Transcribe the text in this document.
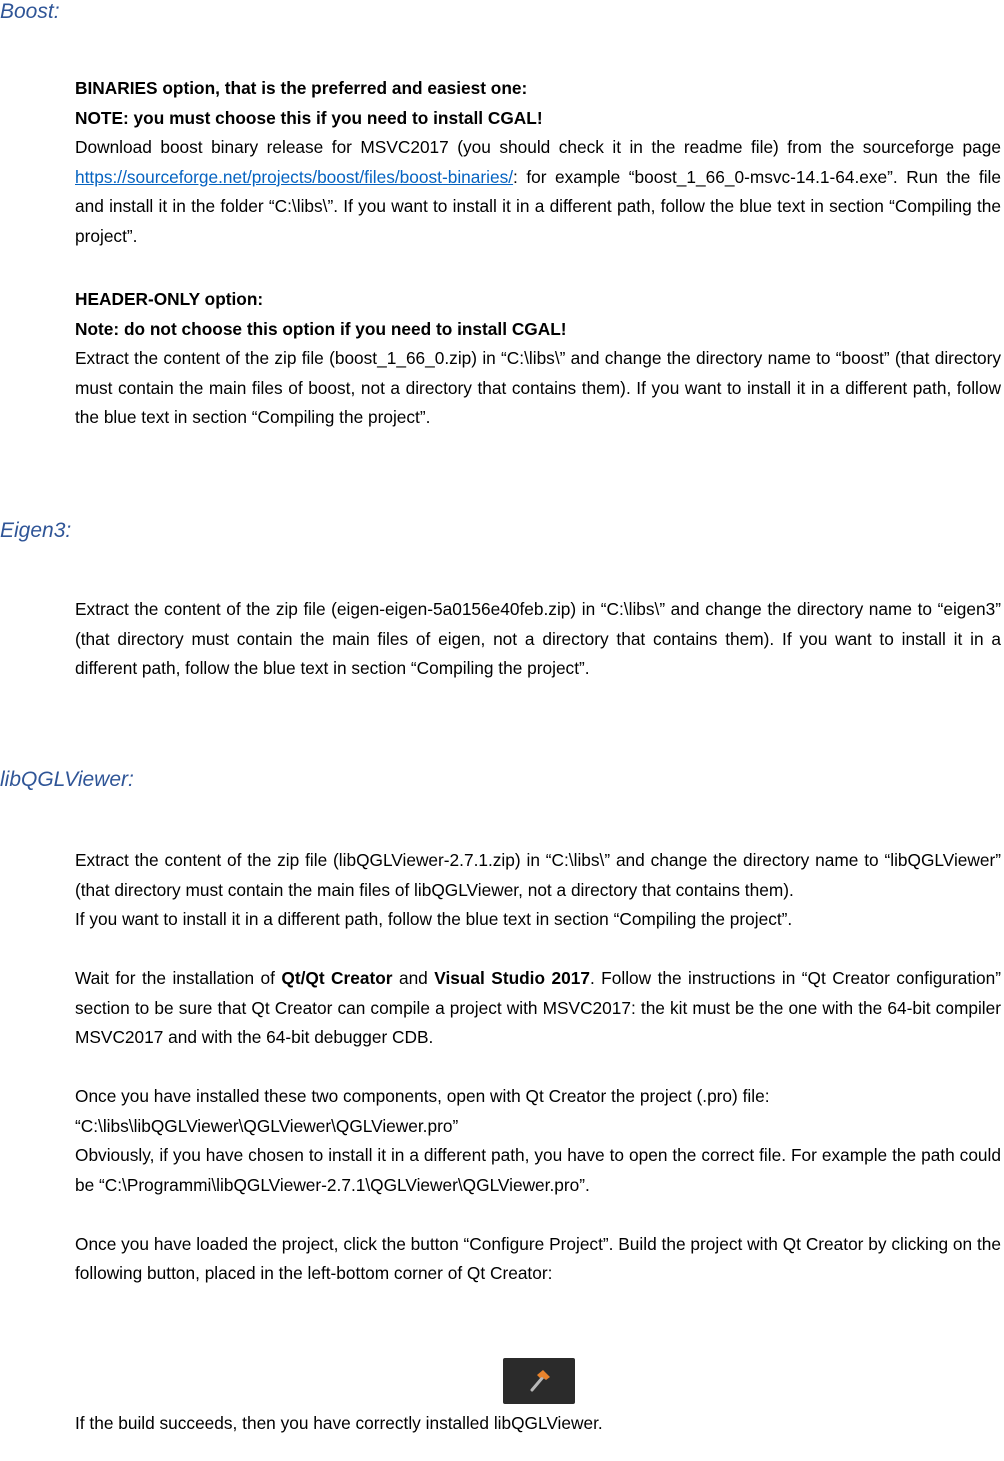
Boost:

BINARIES option, that is the preferred and easiest one:

NOTE: you must choose this if you need to install CGAL!

Download boost binary release for MSVC2017 (you should check it in the readme file) from the sourceforge page https://sourceforge.net/projects/boost/files/boost-binaries/: for example “boost_1_66_0-msvc-14.1-64.exe”. Run the file and install it in the folder “C:\libs\”. If you want to install it in a different path, follow the blue text in section “Compiling the project”.

HEADER-ONLY option:

Note: do not choose this option if you need to install CGAL!

Extract the content of the zip file (boost_1_66_0.zip) in “C:\libs\” and change the directory name to “boost” (that directory must contain the main files of boost, not a directory that contains them). If you want to install it in a different path, follow the blue text in section “Compiling the project”.

Eigen3:

Extract the content of the zip file (eigen-eigen-5a0156e40feb.zip) in “C:\libs\” and change the directory name to “eigen3” (that directory must contain the main files of eigen, not a directory that contains them). If you want to install it in a different path, follow the blue text in section “Compiling the project”.

libQGLViewer:

Extract the content of the zip file (libQGLViewer-2.7.1.zip) in “C:\libs\” and change the directory name to “libQGLViewer” (that directory must contain the main files of libQGLViewer, not a directory that contains them).

If you want to install it in a different path, follow the blue text in section “Compiling the project”.

Wait for the installation of Qt/Qt Creator and Visual Studio 2017. Follow the instructions in “Qt Creator configuration” section to be sure that Qt Creator can compile a project with MSVC2017: the kit must be the one with the 64-bit compiler MSVC2017 and with the 64-bit debugger CDB.

Once you have installed these two components, open with Qt Creator the project (.pro) file:

“C:\libs\libQGLViewer\QGLViewer\QGLViewer.pro”

Obviously, if you have chosen to install it in a different path, you have to open the correct file. For example the path could be “C:\Programmi\libQGLViewer-2.7.1\QGLViewer\QGLViewer.pro”.

Once you have loaded the project, click the button “Configure Project”. Build the project with Qt Creator by clicking on the following button, placed in the left-bottom corner of Qt Creator:

If the build succeeds, then you have correctly installed libQGLViewer.
